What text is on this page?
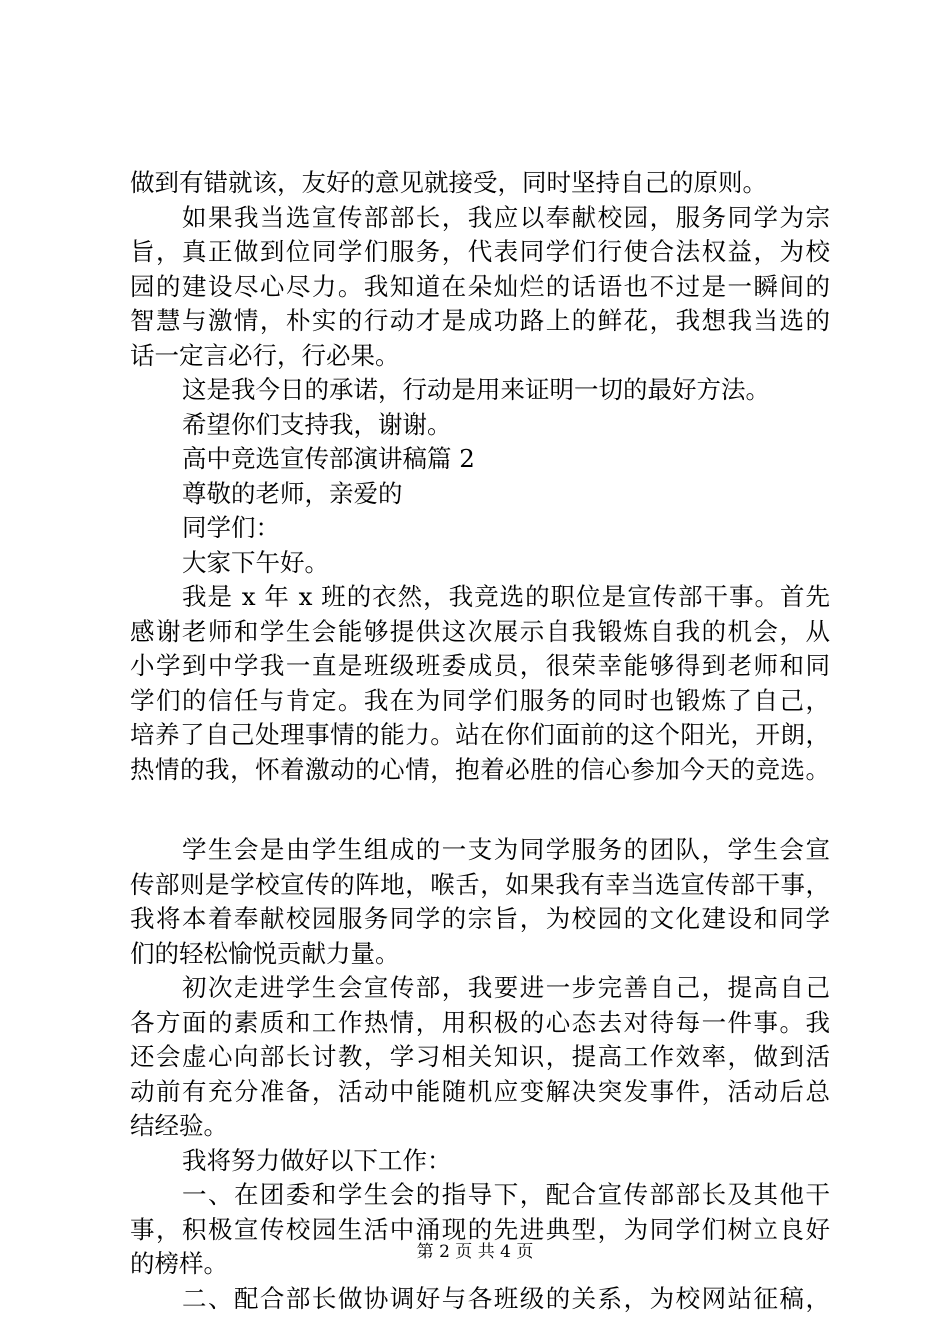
做到有错就该，友好的意见就接受，同时坚持自己的原则。
如果我当选宣传部部长，我应以奉献校园，服务同学为宗
旨，真正做到位同学们服务，代表同学们行使合法权益，为校
园的建设尽心尽力。我知道在朵灿烂的话语也不过是一瞬间的
智慧与激情，朴实的行动才是成功路上的鲜花，我想我当选的
话一定言必行，行必果。
这是我今日的承诺，行动是用来证明一切的最好方法。
希望你们支持我，谢谢。
高中竞选宣传部演讲稿篇 2
尊敬的老师，亲爱的
同学们：
大家下午好。
我是 x 年 x 班的衣然，我竞选的职位是宣传部干事。首先
感谢老师和学生会能够提供这次展示自我锻炼自我的机会，从
小学到中学我一直是班级班委成员，很荣幸能够得到老师和同
学们的信任与肯定。我在为同学们服务的同时也锻炼了自己，
培养了自己处理事情的能力。站在你们面前的这个阳光，开朗，
热情的我，怀着激动的心情，抱着必胜的信心参加今天的竞选。
学生会是由学生组成的一支为同学服务的团队，学生会宣
传部则是学校宣传的阵地，喉舌，如果我有幸当选宣传部干事，
我将本着奉献校园服务同学的宗旨，为校园的文化建设和同学
们的轻松愉悦贡献力量。
初次走进学生会宣传部，我要进一步完善自己，提高自己
各方面的素质和工作热情，用积极的心态去对待每一件事。我
还会虚心向部长讨教，学习相关知识，提高工作效率，做到活
动前有充分准备，活动中能随机应变解决突发事件，活动后总
结经验。
我将努力做好以下工作：
一、在团委和学生会的指导下，配合宣传部部长及其他干
事，积极宣传校园生活中涌现的先进典型，为同学们树立良好
的榜样。
二、配合部长做协调好与各班级的关系，为校网站征稿，
第 2 页 共 4 页
